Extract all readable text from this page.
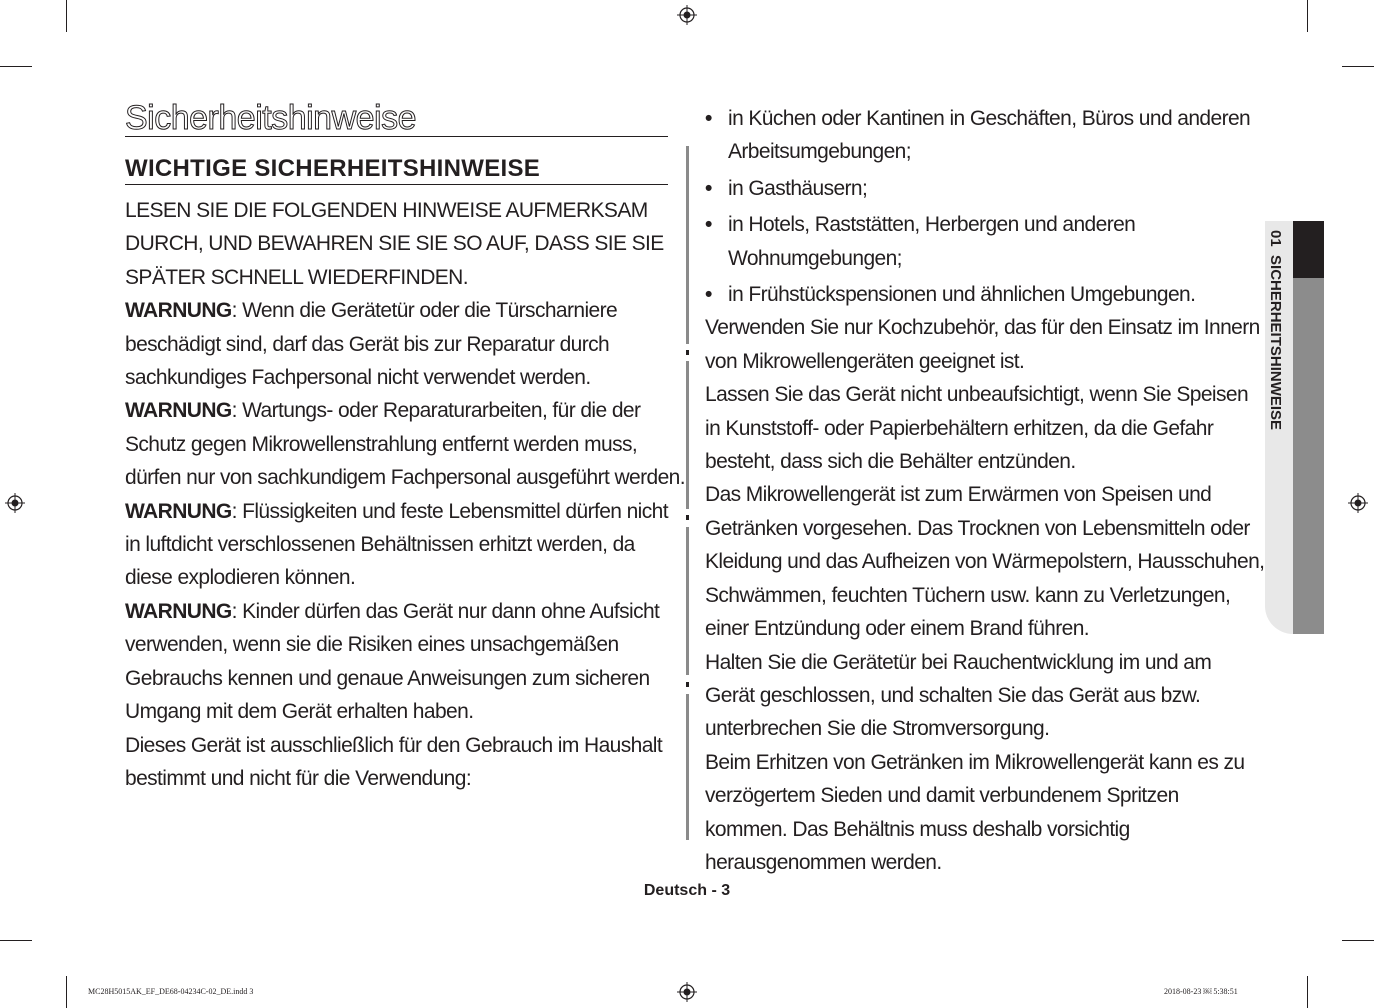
Sicherheitshinweise
WICHTIGE SICHERHEITSHINWEISE

LESEN SIE DIE FOLGENDEN HINWEISE AUFMERKSAM DURCH, UND BEWAHREN SIE SIE SO AUF, DASS SIE SIE SPÄTER SCHNELL WIEDERFINDEN.

WARNUNG: Wenn die Gerätetür oder die Türscharniere beschädigt sind, darf das Gerät bis zur Reparatur durch sachkundiges Fachpersonal nicht verwendet werden.

WARNUNG: Wartungs- oder Reparaturarbeiten, für die der Schutz gegen Mikrowellenstrahlung entfernt werden muss, dürfen nur von sachkundigem Fachpersonal ausgeführt werden.

WARNUNG: Flüssigkeiten und feste Lebensmittel dürfen nicht in luftdicht verschlossenen Behältnissen erhitzt werden, da diese explodieren können.

WARNUNG: Kinder dürfen das Gerät nur dann ohne Aufsicht verwenden, wenn sie die Risiken eines unsachgemäßen Gebrauchs kennen und genaue Anweisungen zum sicheren Umgang mit dem Gerät erhalten haben.

Dieses Gerät ist ausschließlich für den Gebrauch im Haushalt bestimmt und nicht für die Verwendung:

• in Küchen oder Kantinen in Geschäften, Büros und anderen Arbeitsumgebungen;

• in Gasthäusern;

• in Hotels, Raststätten, Herbergen und anderen Wohnumgebungen;

• in Frühstückspensionen und ähnlichen Umgebungen.

Verwenden Sie nur Kochzubehör, das für den Einsatz im Innern von Mikrowellengeräten geeignet ist.

Lassen Sie das Gerät nicht unbeaufsichtigt, wenn Sie Speisen in Kunststoff- oder Papierbehältern erhitzen, da die Gefahr besteht, dass sich die Behälter entzünden.

Das Mikrowellengerät ist zum Erwärmen von Speisen und Getränken vorgesehen. Das Trocknen von Lebensmitteln oder Kleidung und das Aufheizen von Wärmepolstern, Hausschuhen, Schwämmen, feuchten Tüchern usw. kann zu Verletzungen, einer Entzündung oder einem Brand führen.

Halten Sie die Gerätetür bei Rauchentwicklung im und am Gerät geschlossen, und schalten Sie das Gerät aus bzw. unterbrechen Sie die Stromversorgung.

Beim Erhitzen von Getränken im Mikrowellengerät kann es zu verzögertem Sieden und damit verbundenem Spritzen kommen. Das Behältnis muss deshalb vorsichtig herausgenommen werden.

01  SICHERHEITSHINWEISE
Deutsch - 3
MC28H5015AK_EF_DE68-04234C-02_DE.indd 3	2018-08-23 ￼ 5:38:51
